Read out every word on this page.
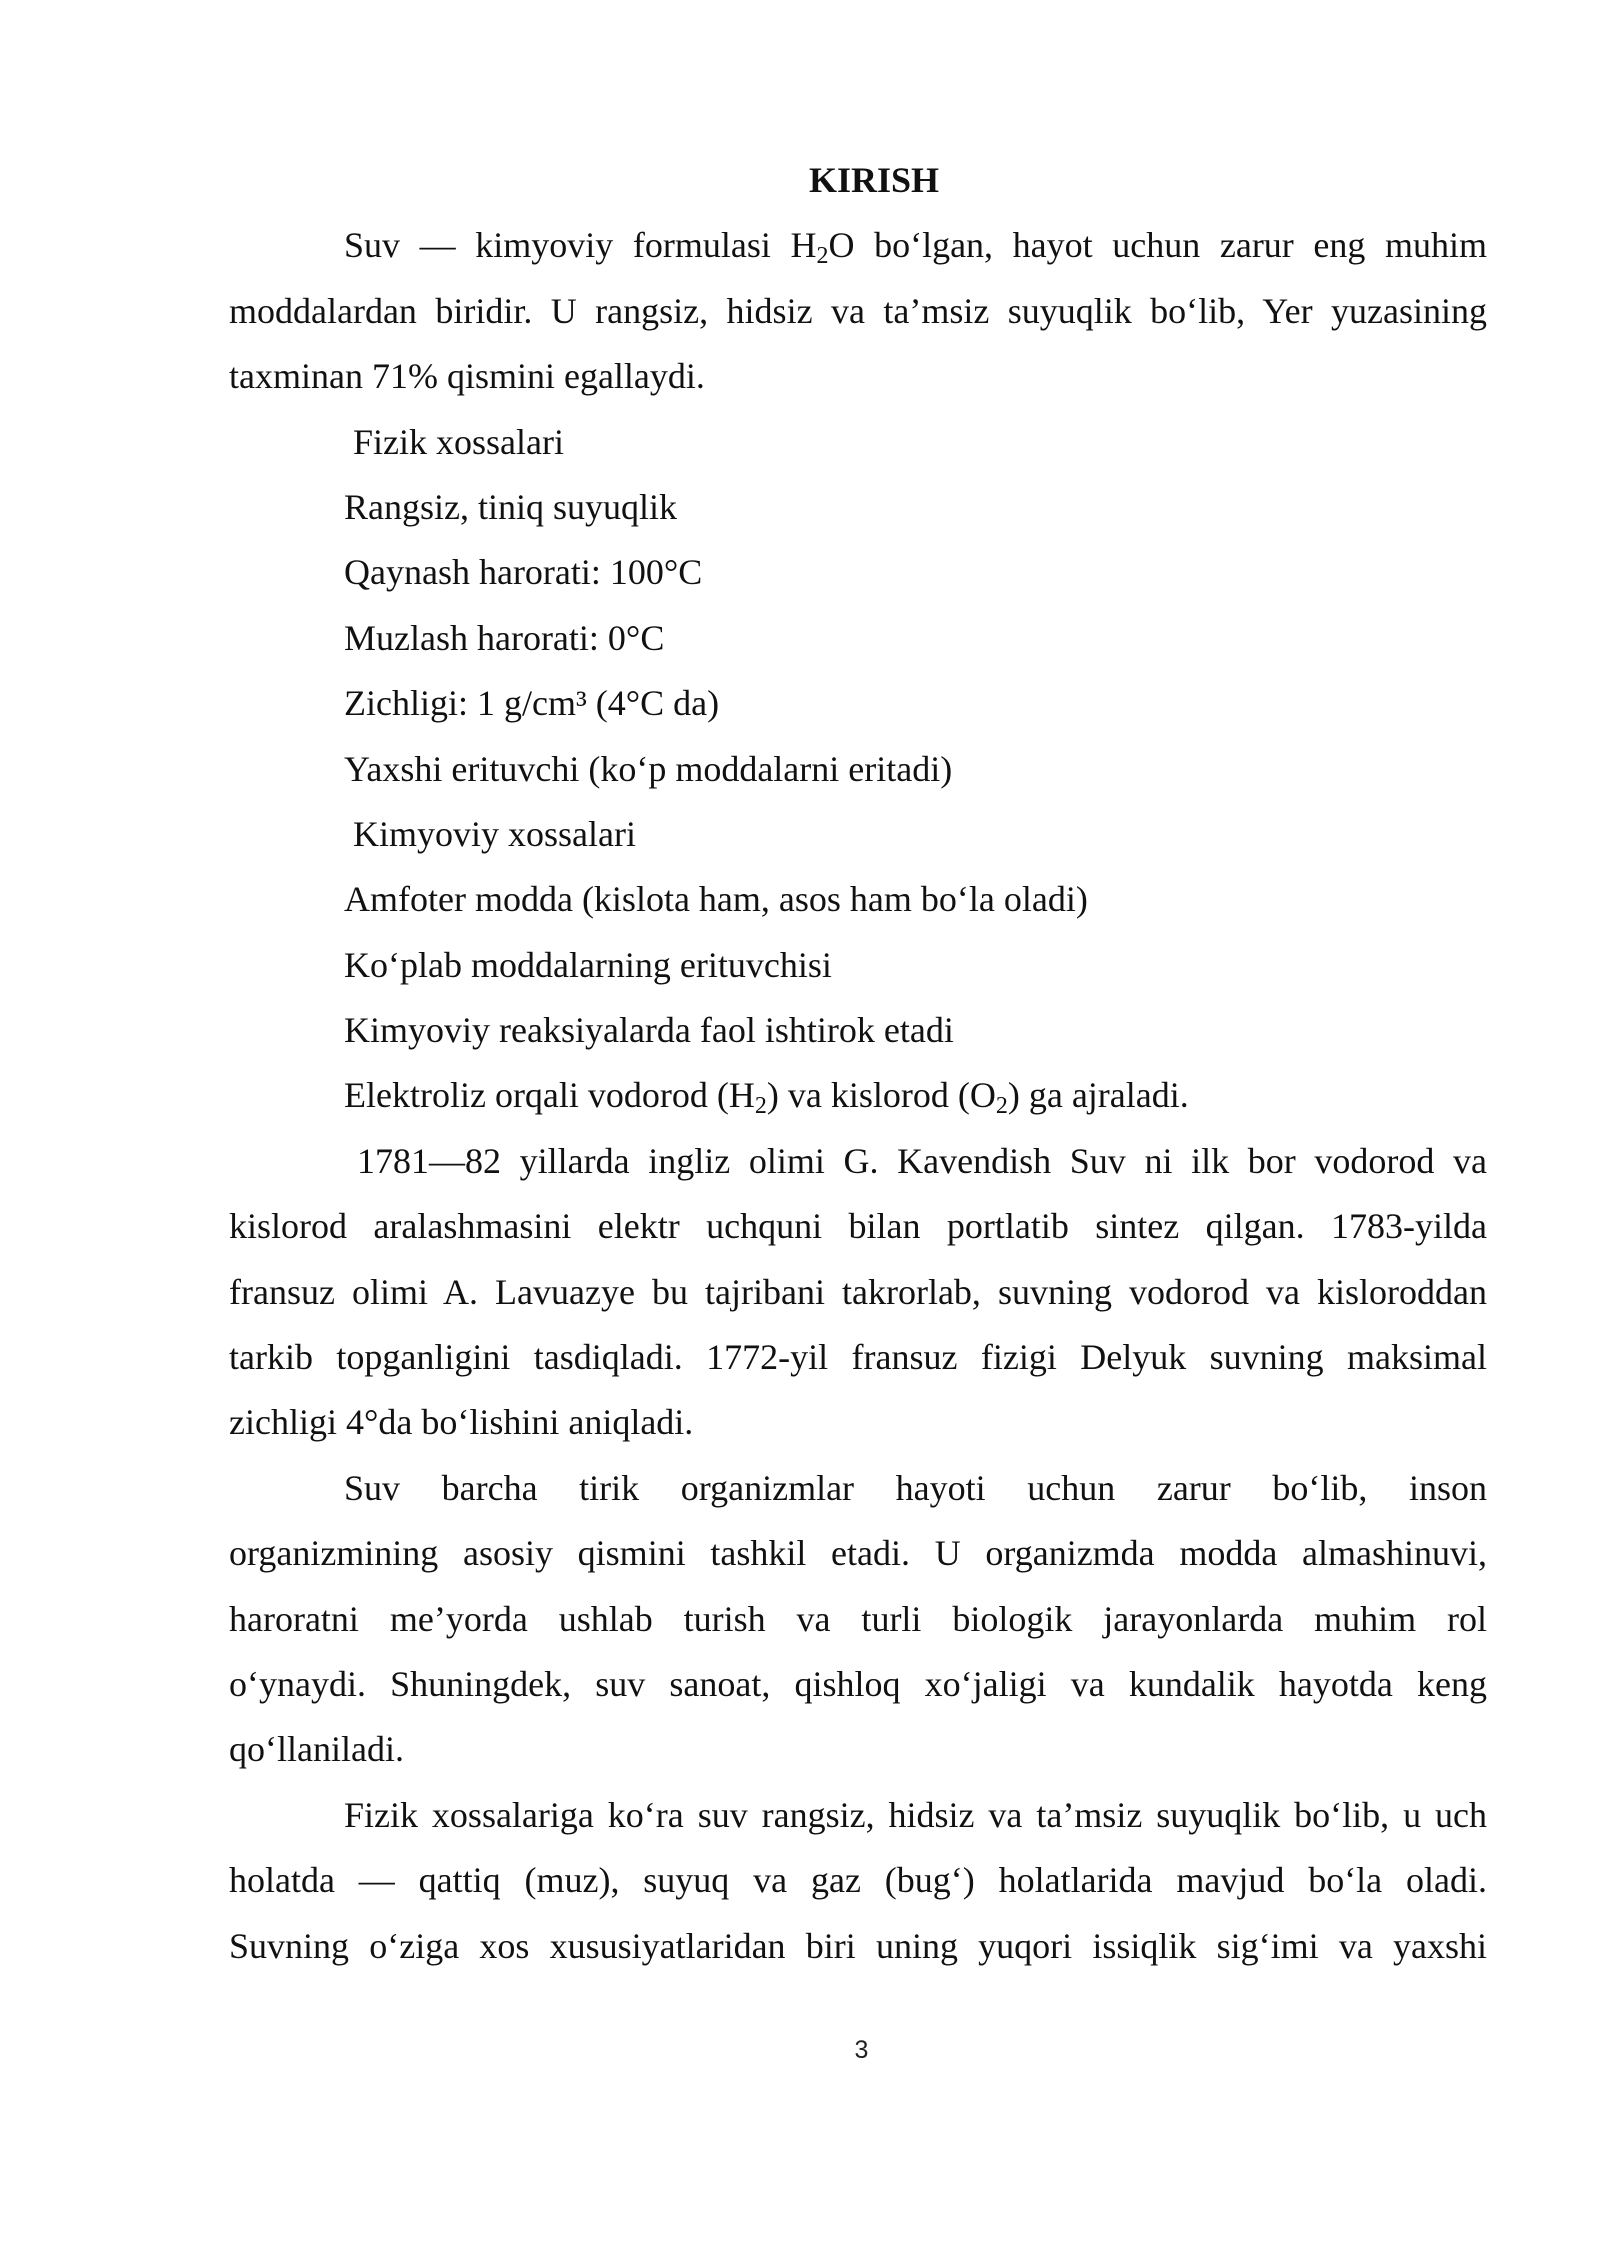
KIRISH

Suv — kimyoviy formulasi $H_2O$ bo‘lgan, hayot uchun zarur eng muhim

moddalardan biridir. U rangsiz, hidsiz va ta’msiz suyuqlik bo‘lib, Yer yuzasining

taxminan 71% qismini egallaydi.

Fizik xossalari

Rangsiz, tiniq suyuqlik

Qaynash harorati: 100°C

Muzlash harorati: 0°C

Zichligi: 1 g/cm³ (4°C da)

Yaxshi erituvchi (ko‘p moddalarni eritadi)

Kimyoviy xossalari

Amfoter modda (kislota ham, asos ham bo‘la oladi)

Ko‘plab moddalarning erituvchisi

Kimyoviy reaksiyalarda faol ishtirok etadi

Elektroliz orqali vodorod $(H_2)$ va kislorod $(O_2)$ ga ajraladi.

1781—82 yillarda ingliz olimi G. Kavendish Suv ni ilk bor vodorod va

kislorod aralashmasini elektr uchquni bilan portlatib sintez qilgan. 1783-yilda

fransuz olimi A. Lavuazye bu tajribani takrorlab, suvning vodorod va kisloroddan

tarkib topganligini tasdiqladi. 1772-yil fransuz fizigi Delyuk suvning maksimal

zichligi 4°da bo‘lishini aniqladi.

Suv barcha tirik organizmlar hayoti uchun zarur bo‘lib, inson

organizmining asosiy qismini tashkil etadi. U organizmda modda almashinuvi,

haroratni me’yorda ushlab turish va turli biologik jarayonlarda muhim rol

o‘ynaydi. Shuningdek, suv sanoat, qishloq xo‘jaligi va kundalik hayotda keng

qo‘llaniladi.

Fizik xossalariga ko‘ra suv rangsiz, hidsiz va ta’msiz suyuqlik bo‘lib, u uch

holatda — qattiq (muz), suyuq va gaz (bug‘) holatlarida mavjud bo‘la oladi.

Suvning o‘ziga xos xususiyatlaridan biri uning yuqori issiqlik sig‘imi va yaxshi

3
